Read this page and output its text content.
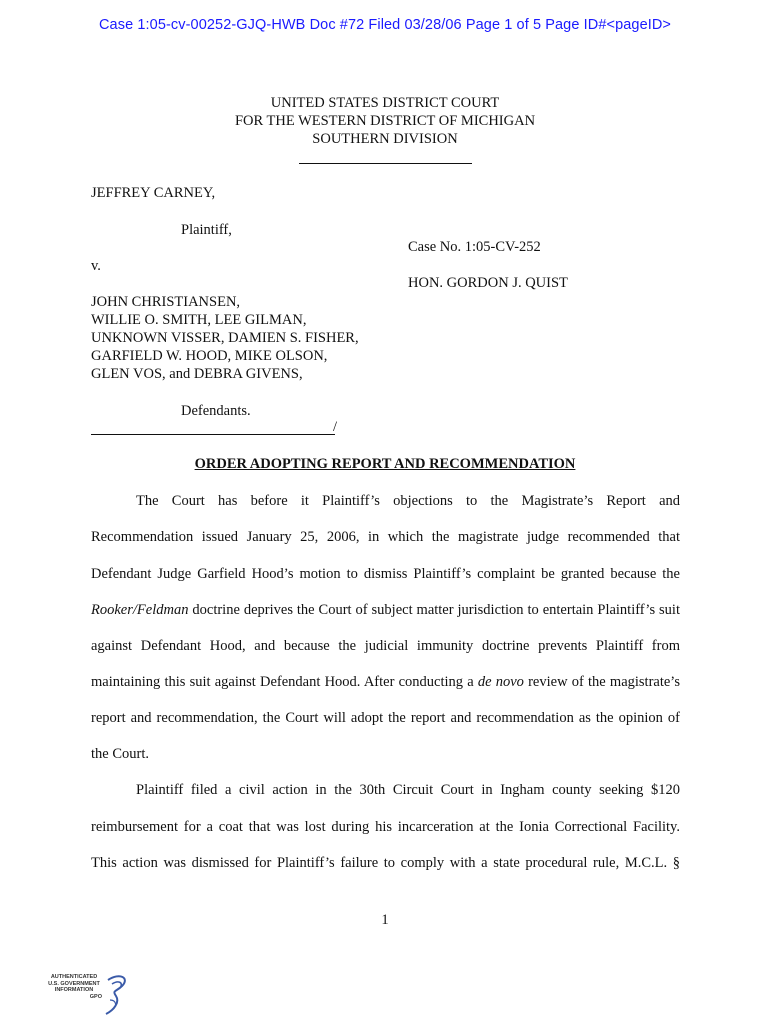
Case 1:05-cv-00252-GJQ-HWB Doc #72 Filed 03/28/06 Page 1 of 5 Page ID#<pageID>
UNITED STATES DISTRICT COURT
FOR THE WESTERN DISTRICT OF MICHIGAN
SOUTHERN DIVISION
JEFFREY CARNEY,
Plaintiff,
Case No. 1:05-CV-252
v.
HON. GORDON J. QUIST
JOHN CHRISTIANSEN,
WILLIE O. SMITH, LEE GILMAN,
UNKNOWN VISSER, DAMIEN S. FISHER,
GARFIELD W. HOOD, MIKE OLSON,
GLEN VOS, and DEBRA GIVENS,
Defendants.
/
ORDER ADOPTING REPORT AND RECOMMENDATION
The Court has before it Plaintiff’s objections to the Magistrate’s Report and
Recommendation issued January 25, 2006, in which the magistrate judge recommended that
Defendant Judge Garfield Hood’s motion to dismiss Plaintiff’s complaint be granted because the
Rooker/Feldman doctrine deprives the Court of subject matter jurisdiction to entertain Plaintiff’s suit
against Defendant Hood, and because the judicial immunity doctrine prevents Plaintiff from
maintaining this suit against Defendant Hood. After conducting a de novo review of the magistrate’s
report and recommendation, the Court will adopt the report and recommendation as the opinion of
the Court.
Plaintiff filed a civil action in the 30th Circuit Court in Ingham county seeking $120
reimbursement for a coat that was lost during his incarceration at the Ionia Correctional Facility.
This action was dismissed for Plaintiff’s failure to comply with a state procedural rule, M.C.L. §
1
AUTHENTICATED
U.S. GOVERNMENT
INFORMATION
GPO
